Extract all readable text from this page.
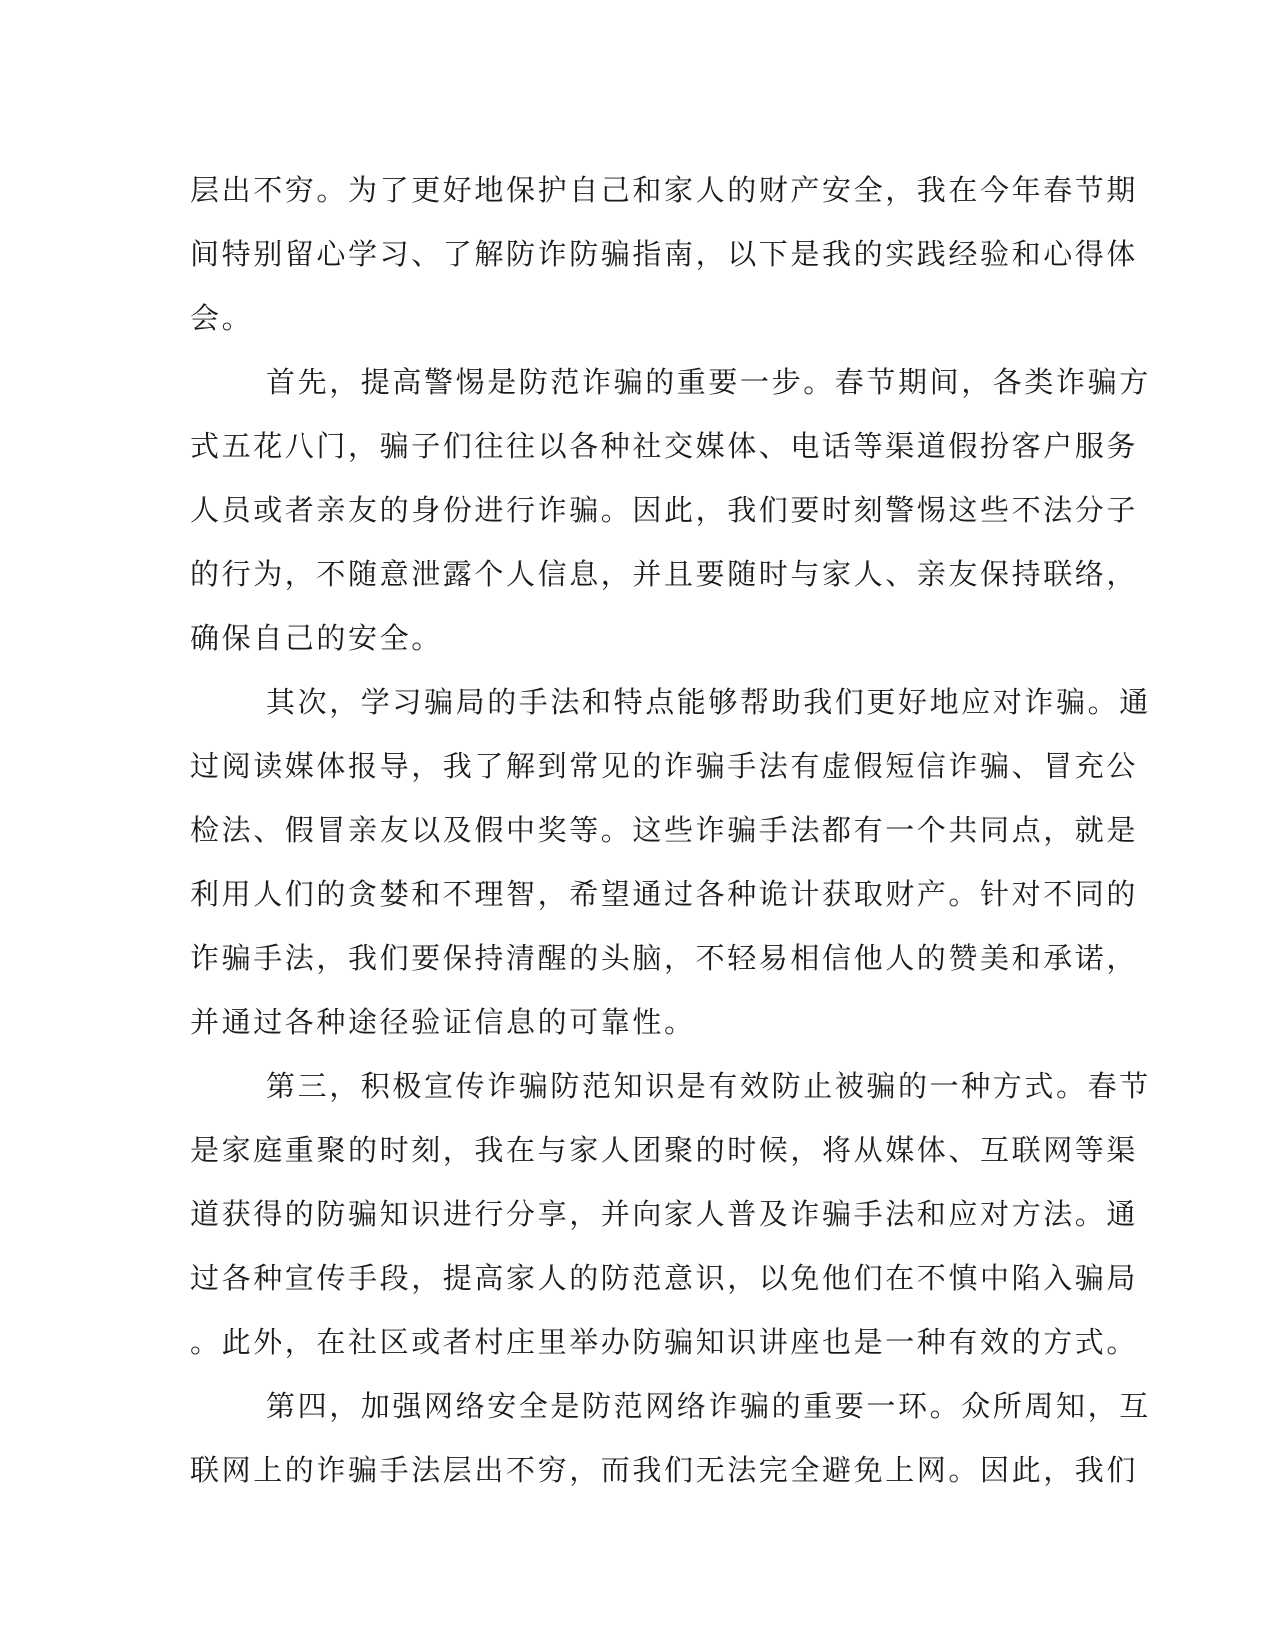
层出不穷。为了更好地保护自己和家人的财产安全，我在今年春节期
间特别留心学习、了解防诈防骗指南，以下是我的实践经验和心得体
会。

首先，提高警惕是防范诈骗的重要一步。春节期间，各类诈骗方
式五花八门，骗子们往往以各种社交媒体、电话等渠道假扮客户服务
人员或者亲友的身份进行诈骗。因此，我们要时刻警惕这些不法分子
的行为，不随意泄露个人信息，并且要随时与家人、亲友保持联络，
确保自己的安全。

其次，学习骗局的手法和特点能够帮助我们更好地应对诈骗。通
过阅读媒体报导，我了解到常见的诈骗手法有虚假短信诈骗、冒充公
检法、假冒亲友以及假中奖等。这些诈骗手法都有一个共同点，就是
利用人们的贪婪和不理智，希望通过各种诡计获取财产。针对不同的
诈骗手法，我们要保持清醒的头脑，不轻易相信他人的赞美和承诺，
并通过各种途径验证信息的可靠性。

第三，积极宣传诈骗防范知识是有效防止被骗的一种方式。春节
是家庭重聚的时刻，我在与家人团聚的时候，将从媒体、互联网等渠
道获得的防骗知识进行分享，并向家人普及诈骗手法和应对方法。通
过各种宣传手段，提高家人的防范意识，以免他们在不慎中陷入骗局
。此外，在社区或者村庄里举办防骗知识讲座也是一种有效的方式。

第四，加强网络安全是防范网络诈骗的重要一环。众所周知，互
联网上的诈骗手法层出不穷，而我们无法完全避免上网。因此，我们
